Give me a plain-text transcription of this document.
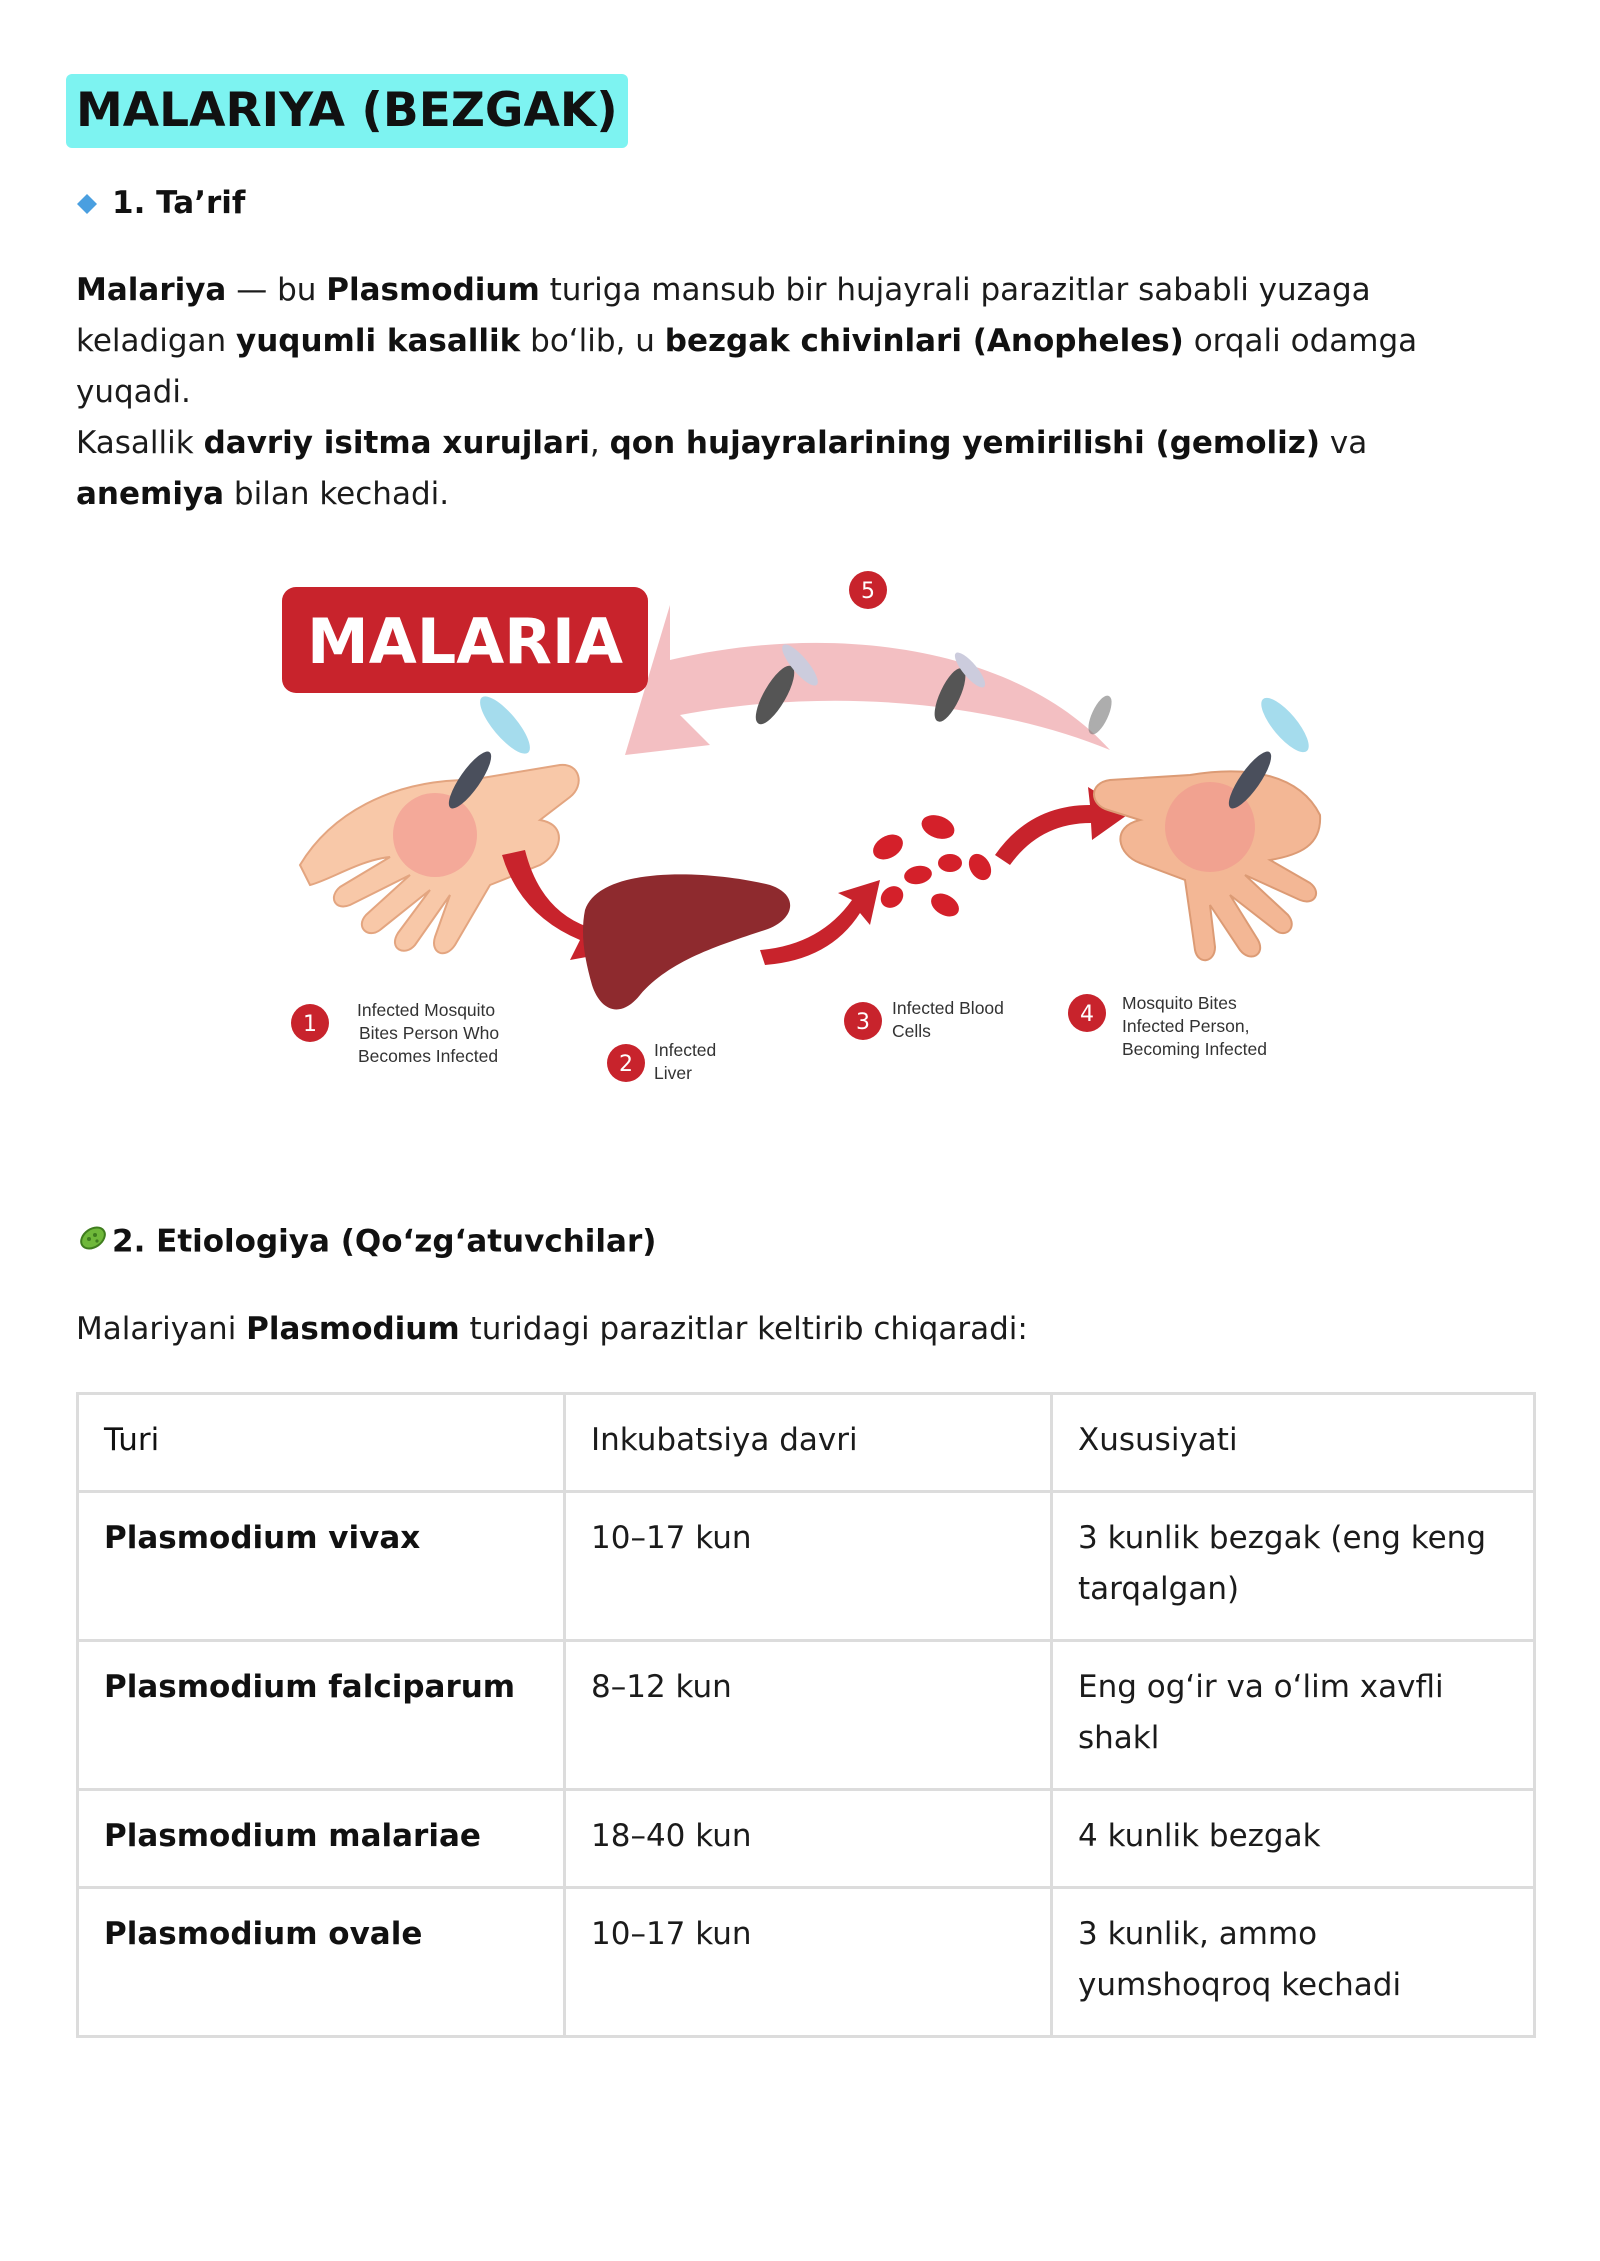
MALARIYA (BEZGAK)
1. Ta’rif
Malariya — bu Plasmodium turiga mansub bir hujayrali parazitlar sababli yuzaga keladigan yuqumli kasallik bo‘lib, u bezgak chivinlari (Anopheles) orqali odamga yuqadi.
Kasallik davriy isitma xurujlari, qon hujayralarining yemirilishi (gemoliz) va anemiya bilan kechadi.
MALARIA
5
1
Infected Mosquito
Bites Person Who
Becomes Infected	2
Infected
Liver
3
Infected Blood
Cells
4 Mosquito Bites
Infected Person,
Becoming Infected
2. Etiologiya (Qo‘zg‘atuvchilar)
Malariyani Plasmodium turidagi parazitlar keltirib chiqaradi:
Turi	Inkubatsiya davri	Xususiyati
Plasmodium vivax	10–17 kun	3 kunlik bezgak (eng keng tarqalgan)
Plasmodium falciparum	8–12 kun	Eng og‘ir va o‘lim xavfli shakl
Plasmodium malariae	18–40 kun	4 kunlik bezgak
Plasmodium ovale	10–17 kun	3 kunlik, ammo yumshoqroq kechadi
